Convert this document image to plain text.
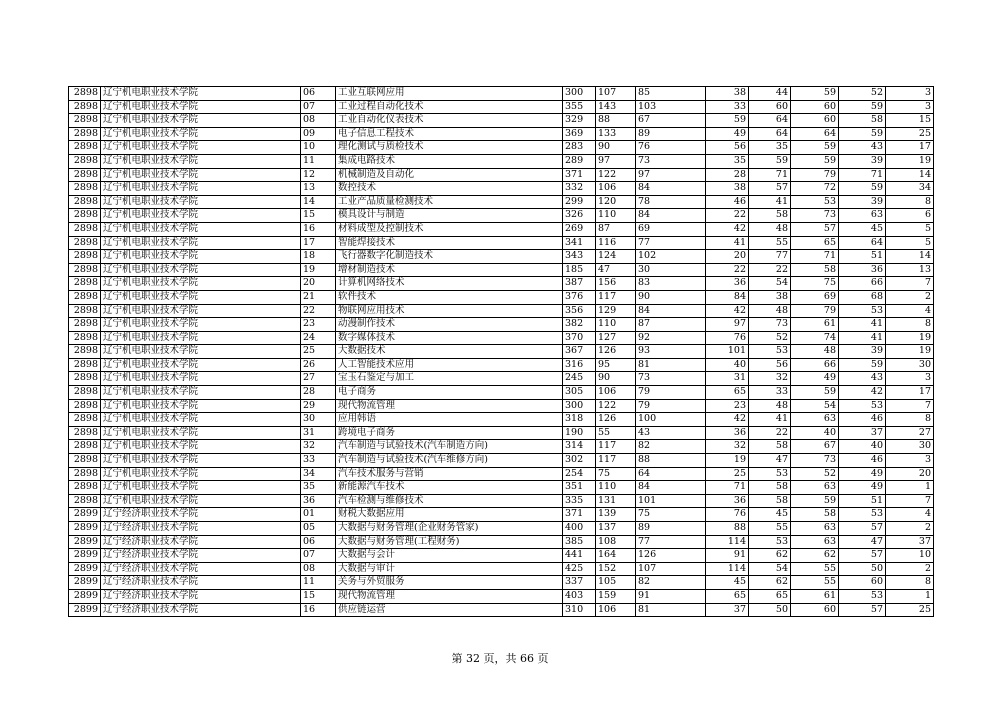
2898	辽宁机电职业技术学院	06	工业互联网应用	300	107	85	38	44	59	52	3
2898	辽宁机电职业技术学院	07	工业过程自动化技术	355	143	103	33	60	60	59	3
2898	辽宁机电职业技术学院	08	工业自动化仪表技术	329	88	67	59	64	60	58	15
2898	辽宁机电职业技术学院	09	电子信息工程技术	369	133	89	49	64	64	59	25
2898	辽宁机电职业技术学院	10	理化测试与质检技术	283	90	76	56	35	59	43	17
2898	辽宁机电职业技术学院	11	集成电路技术	289	97	73	35	59	59	39	19
2898	辽宁机电职业技术学院	12	机械制造及自动化	371	122	97	28	71	79	71	14
2898	辽宁机电职业技术学院	13	数控技术	332	106	84	38	57	72	59	34
2898	辽宁机电职业技术学院	14	工业产品质量检测技术	299	120	78	46	41	53	39	8
2898	辽宁机电职业技术学院	15	模具设计与制造	326	110	84	22	58	73	63	6
2898	辽宁机电职业技术学院	16	材料成型及控制技术	269	87	69	42	48	57	45	5
2898	辽宁机电职业技术学院	17	智能焊接技术	341	116	77	41	55	65	64	5
2898	辽宁机电职业技术学院	18	飞行器数字化制造技术	343	124	102	20	77	71	51	14
2898	辽宁机电职业技术学院	19	增材制造技术	185	47	30	22	22	58	36	13
2898	辽宁机电职业技术学院	20	计算机网络技术	387	156	83	36	54	75	66	7
2898	辽宁机电职业技术学院	21	软件技术	376	117	90	84	38	69	68	2
2898	辽宁机电职业技术学院	22	物联网应用技术	356	129	84	42	48	79	53	4
2898	辽宁机电职业技术学院	23	动漫制作技术	382	110	87	97	73	61	41	8
2898	辽宁机电职业技术学院	24	数字媒体技术	370	127	92	76	52	74	41	19
2898	辽宁机电职业技术学院	25	大数据技术	367	126	93	101	53	48	39	19
2898	辽宁机电职业技术学院	26	人工智能技术应用	316	95	81	40	56	66	59	30
2898	辽宁机电职业技术学院	27	宝玉石鉴定与加工	245	90	73	31	32	49	43	3
2898	辽宁机电职业技术学院	28	电子商务	305	106	79	65	33	59	42	17
2898	辽宁机电职业技术学院	29	现代物流管理	300	122	79	23	48	54	53	7
2898	辽宁机电职业技术学院	30	应用韩语	318	126	100	42	41	63	46	8
2898	辽宁机电职业技术学院	31	跨境电子商务	190	55	43	36	22	40	37	27
2898	辽宁机电职业技术学院	32	汽车制造与试验技术(汽车制造方向)	314	117	82	32	58	67	40	30
2898	辽宁机电职业技术学院	33	汽车制造与试验技术(汽车维修方向)	302	117	88	19	47	73	46	3
2898	辽宁机电职业技术学院	34	汽车技术服务与营销	254	75	64	25	53	52	49	20
2898	辽宁机电职业技术学院	35	新能源汽车技术	351	110	84	71	58	63	49	1
2898	辽宁机电职业技术学院	36	汽车检测与维修技术	335	131	101	36	58	59	51	7
2899	辽宁经济职业技术学院	01	财税大数据应用	371	139	75	76	45	58	53	4
2899	辽宁经济职业技术学院	05	大数据与财务管理(企业财务管家)	400	137	89	88	55	63	57	2
2899	辽宁经济职业技术学院	06	大数据与财务管理(工程财务)	385	108	77	114	53	63	47	37
2899	辽宁经济职业技术学院	07	大数据与会计	441	164	126	91	62	62	57	10
2899	辽宁经济职业技术学院	08	大数据与审计	425	152	107	114	54	55	50	2
2899	辽宁经济职业技术学院	11	关务与外贸服务	337	105	82	45	62	55	60	8
2899	辽宁经济职业技术学院	15	现代物流管理	403	159	91	65	65	61	53	1
2899	辽宁经济职业技术学院	16	供应链运营	310	106	81	37	50	60	57	25
第 32 页，共 66 页
